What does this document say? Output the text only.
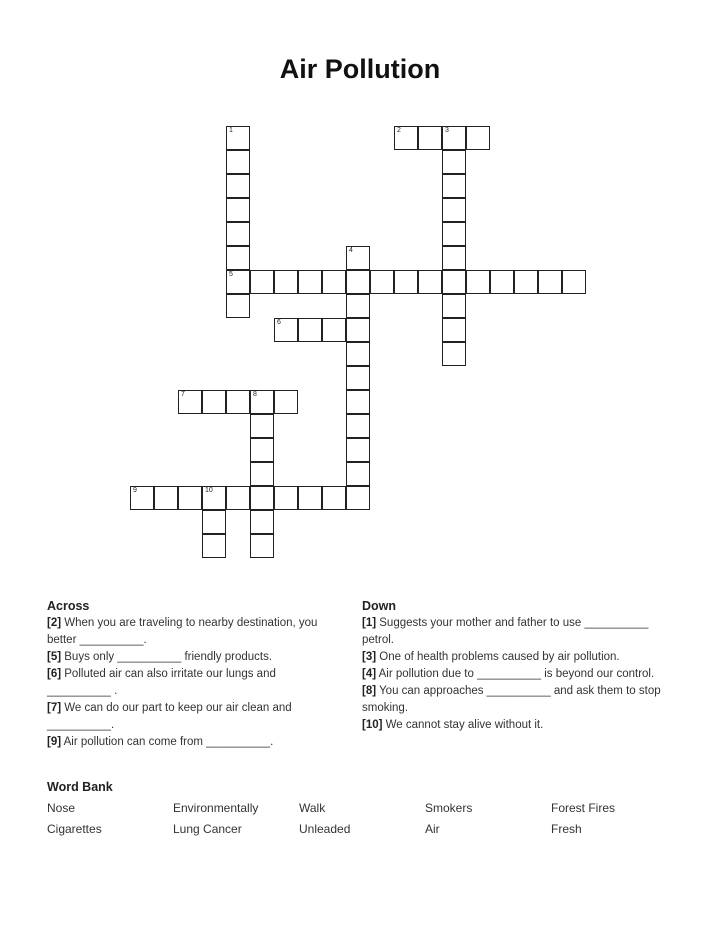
Air Pollution
1
5
2	3
4
6
7	8
9	10
Across

[2] When you are traveling to nearby destination, you better __________.

[5] Buys only __________ friendly products.

[6] Polluted air can also irritate our lungs and __________ .

[7] We can do our part to keep our air clean and __________.

[9] Air pollution can come from __________.

Down

[1] Suggests your mother and father to use __________ petrol.

[3] One of health problems caused by air pollution.

[4] Air pollution due to __________ is beyond our control.

[8] You can approaches __________ and ask them to stop smoking.

[10] We cannot stay alive without it.

Word Bank
Nose	Environmentally	Walk	Smokers	Forest Fires
Cigarettes	Lung Cancer	Unleaded	Air	Fresh
